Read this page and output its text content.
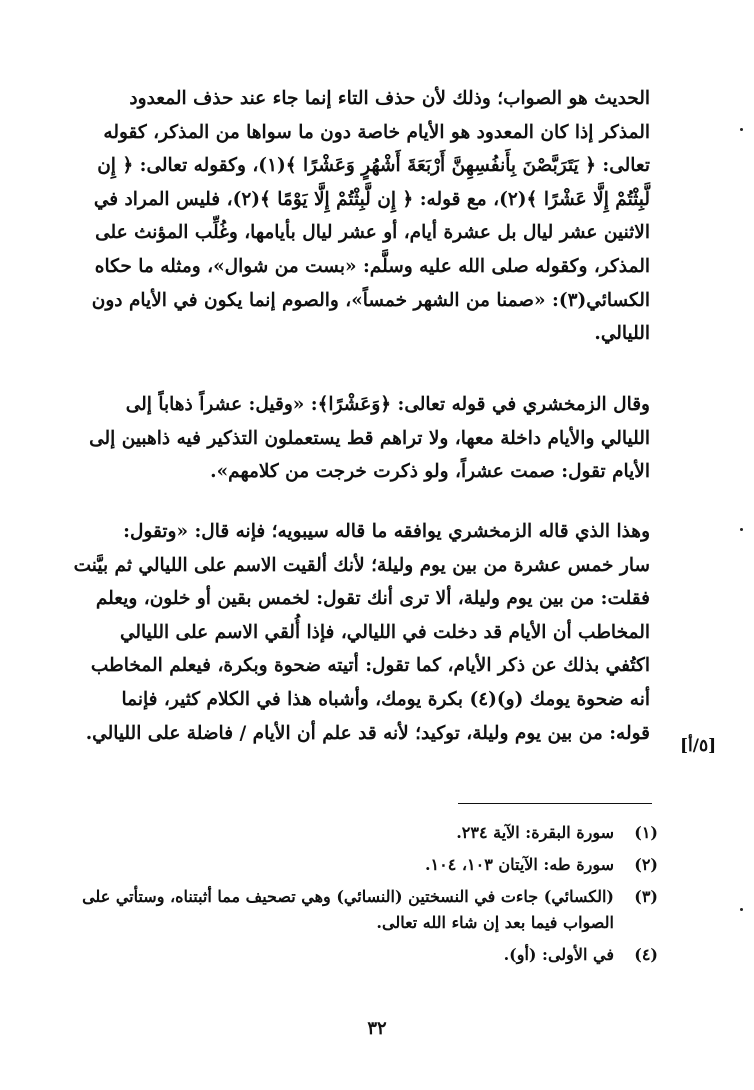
الحديث هو الصواب؛ وذلك لأن حذف التاء إنما جاء عند حذف المعدود
المذكر إذا كان المعدود هو الأيام خاصة دون ما سواها من المذكر، كقوله
تعالى: ﴿ يَتَرَبَّصْنَ بِأَنفُسِهِنَّ أَرْبَعَةَ أَشْهُرٍ وَعَشْرًا ﴾(١)، وكقوله تعالى: ﴿ إِن
لَّبِثْتُمْ إِلَّا عَشْرًا ﴾(٢)، مع قوله: ﴿ إِن لَّبِثْتُمْ إِلَّا يَوْمًا ﴾(٢)، فليس المراد في
الاثنين عشر ليال بل عشرة أيام، أو عشر ليال بأيامها، وغُلِّب المؤنث على
المذكر، وكقوله صلى الله عليه وسلَّم: «بست من شوال»، ومثله ما حكاه
الكسائي(٣): «صمنا من الشهر خمساً»، والصوم إنما يكون في الأيام دون
الليالي.
وقال الزمخشري في قوله تعالى: ﴿وَعَشْرًا﴾: «وقيل: عشراً ذهاباً إلى
الليالي والأيام داخلة معها، ولا تراهم قط يستعملون التذكير فيه ذاهبين إلى
الأيام تقول: صمت عشراً، ولو ذكرت خرجت من كلامهم».
وهذا الذي قاله الزمخشري يوافقه ما قاله سيبويه؛ فإنه قال: «وتقول:
سار خمس عشرة من بين يوم وليلة؛ لأنك ألقيت الاسم على الليالي ثم بيَّنت
فقلت: من بين يوم وليلة، ألا ترى أنك تقول: لخمس بقين أو خلون، ويعلم
المخاطب أن الأيام قد دخلت في الليالي، فإذا أُلقي الاسم على الليالي
اكتُفي بذلك عن ذكر الأيام، كما تقول: أتيته ضحوة وبكرة، فيعلم المخاطب
أنه ضحوة يومك (و)(٤) بكرة يومك، وأشباه هذا في الكلام كثير، فإنما
قوله: من بين يوم وليلة، توكيد؛ لأنه قد علم أن الأيام / فاضلة على الليالي.
[٥/أ]
(١)
سورة البقرة: الآية ٢٣٤.
(٢)
سورة طه: الآيتان ١٠٣، ١٠٤.
(٣)
(الكسائي) جاءت في النسختين (النسائي) وهي تصحيف مما أثبتناه، وستأتي على الصواب فيما بعد إن شاء الله تعالى.
(٤)
في الأولى: (أو).
٣٢
